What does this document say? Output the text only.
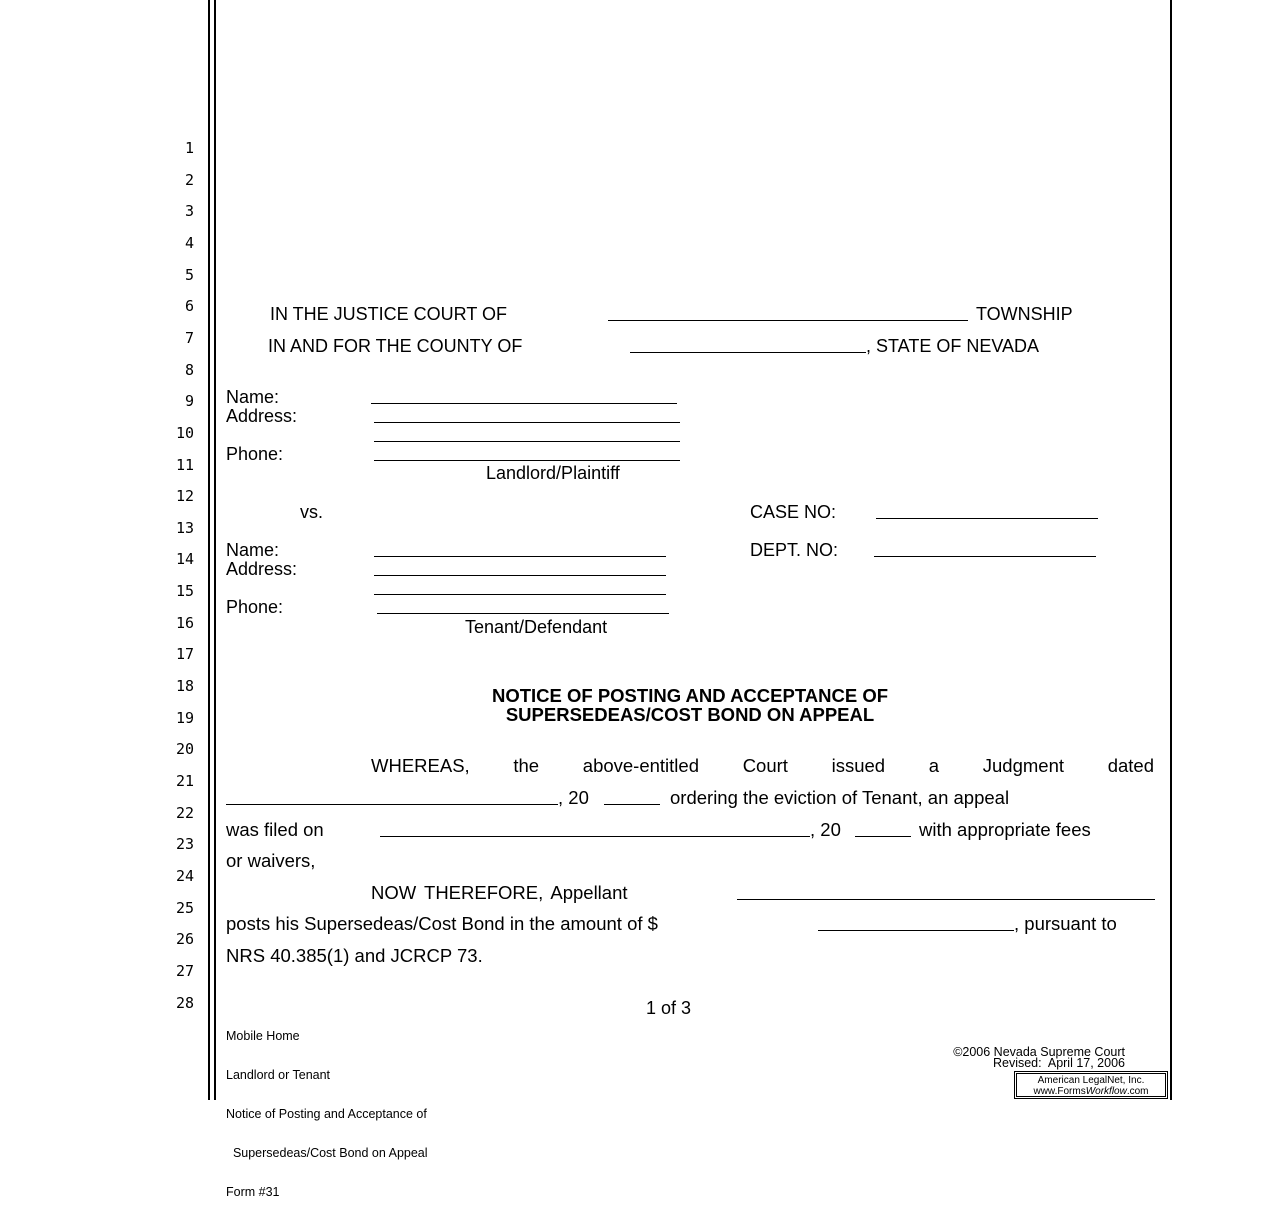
1
2
3
4
5
6
7
8
9
10
11
12
13
14
15
16
17
18
19
20
21
22
23
24
25
26
27
28
IN THE JUSTICE COURT OF	TOWNSHIP
IN AND FOR THE COUNTY OF	, STATE OF NEVADA
Name:
Address:
Phone:
Landlord/Plaintiff
vs.	CASE NO:
DEPT. NO:
Name:
Address:
Phone:
Tenant/Defendant
NOTICE OF POSTING AND ACCEPTANCE OF
SUPERSEDEAS/COST BOND ON APPEAL
WHEREAS, the above-entitled Court issued a Judgment dated
, 20	ordering the eviction of Tenant, an appeal
was filed on	, 20	with appropriate fees
or waivers,
NOW THEREFORE, Appellant
posts his Supersedeas/Cost Bond in the amount of $	, pursuant to
NRS 40.385(1) and JCRCP 73.

Mobile Home

Landlord or Tenant

Notice of Posting and Acceptance of

Supersedeas/Cost Bond on Appeal

Form #31

1 of 3
©2006 Nevada Supreme Court
Revised:  April 17, 2006
American LegalNet, Inc.
www.FormsWorkflow.com
